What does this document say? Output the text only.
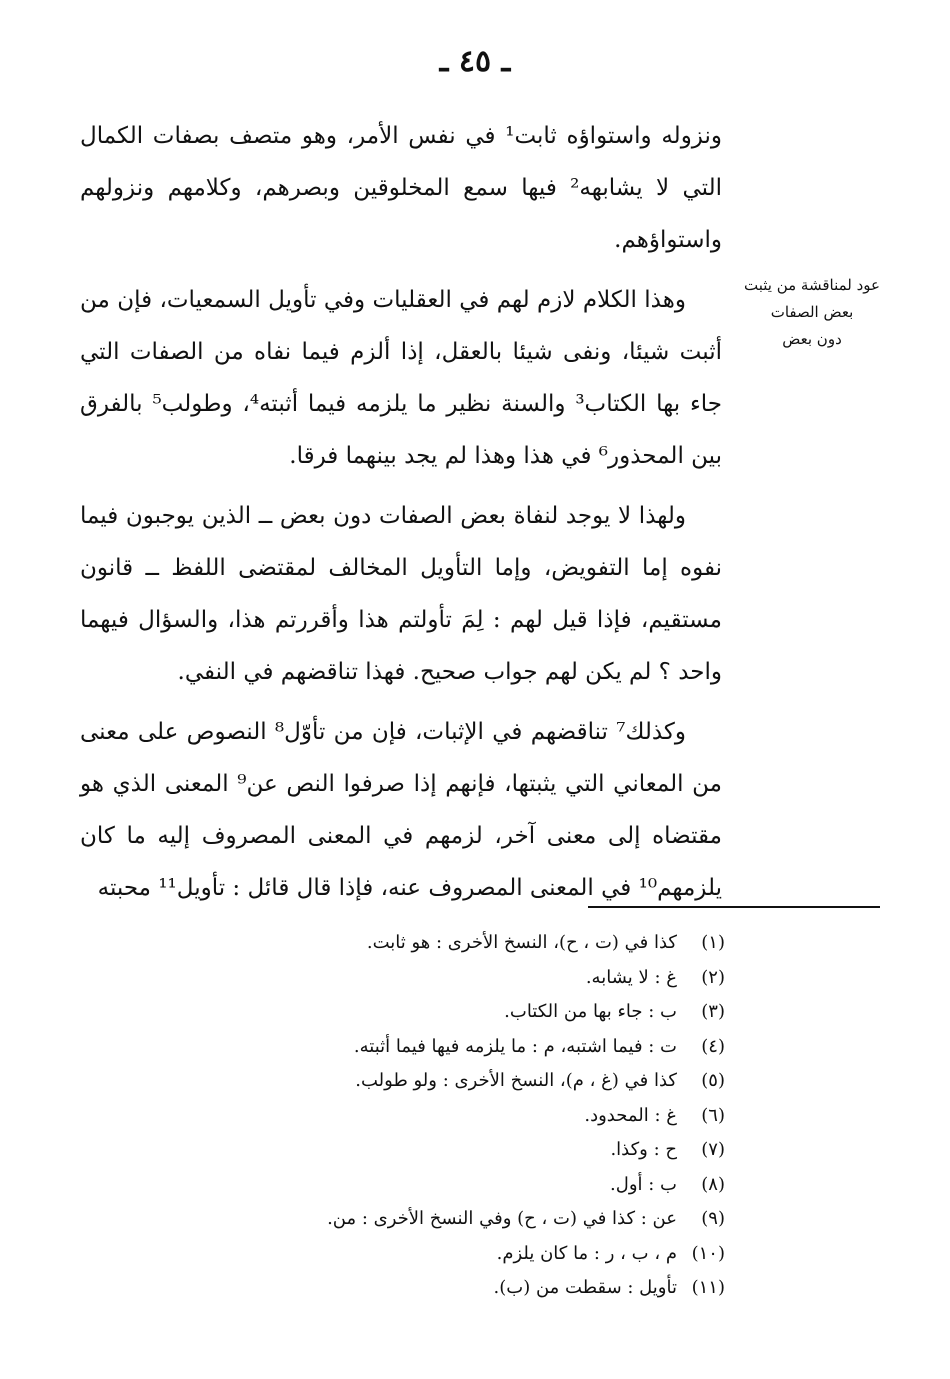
ـ ٤٥ ـ

ونزوله واستواؤه ثابت¹ في نفس الأمر، وهو متصف بصفات الكمال التي لا يشابهه² فيها سمع المخلوقين وبصرهم، وكلامهم ونزولهم واستواؤهم.

وهذا الكلام لازم لهم في العقليات وفي تأويل السمعيات، فإن من أثبت شيئا، ونفى شيئا بالعقل، إذا ألزم فيما نفاه من الصفات التي جاء بها الكتاب³ والسنة نظير ما يلزمه فيما أثبته⁴، وطولب⁵ بالفرق بين المحذور⁶ في هذا وهذا لم يجد بينهما فرقا.

ولهذا لا يوجد لنفاة بعض الصفات دون بعض ــ الذين يوجبون فيما نفوه إما التفويض، وإما التأويل المخالف لمقتضى اللفظ ــ قانون مستقيم، فإذا قيل لهم : لِمَ تأولتم هذا وأقررتم هذا، والسؤال فيهما واحد ؟ لم يكن لهم جواب صحيح. فهذا تناقضهم في النفي.

وكذلك⁷ تناقضهم في الإثبات، فإن من تأوّل⁸ النصوص على معنى من المعاني التي يثبتها، فإنهم إذا صرفوا النص عن⁹ المعنى الذي هو مقتضاه إلى معنى آخر، لزمهم في المعنى المصروف إليه ما كان يلزمهم¹⁰ في المعنى المصروف عنه، فإذا قال قائل : تأويل¹¹ محبته

عود لمناقشة من يثبت
بعض الصفات
دون بعض
(١)
كذا في (ت ، ح)، النسخ الأخرى : هو ثابت.
(٢)
غ : لا يشابه.
(٣)
ب : جاء بها من الكتاب.
(٤)
ت : فيما اشتبه، م : ما يلزمه فيها فيما أثبته.
(٥)
كذا في (غ ، م)، النسخ الأخرى : ولو طولب.
(٦)
غ : المحدود.
(٧)
ح : وكذا.
(٨)
ب : أول.
(٩)
عن : كذا في (ت ، ح) وفي النسخ الأخرى : من.
(١٠)
م ، ب ، ر : ما كان يلزم.
(١١)
تأويل : سقطت من (ب).
